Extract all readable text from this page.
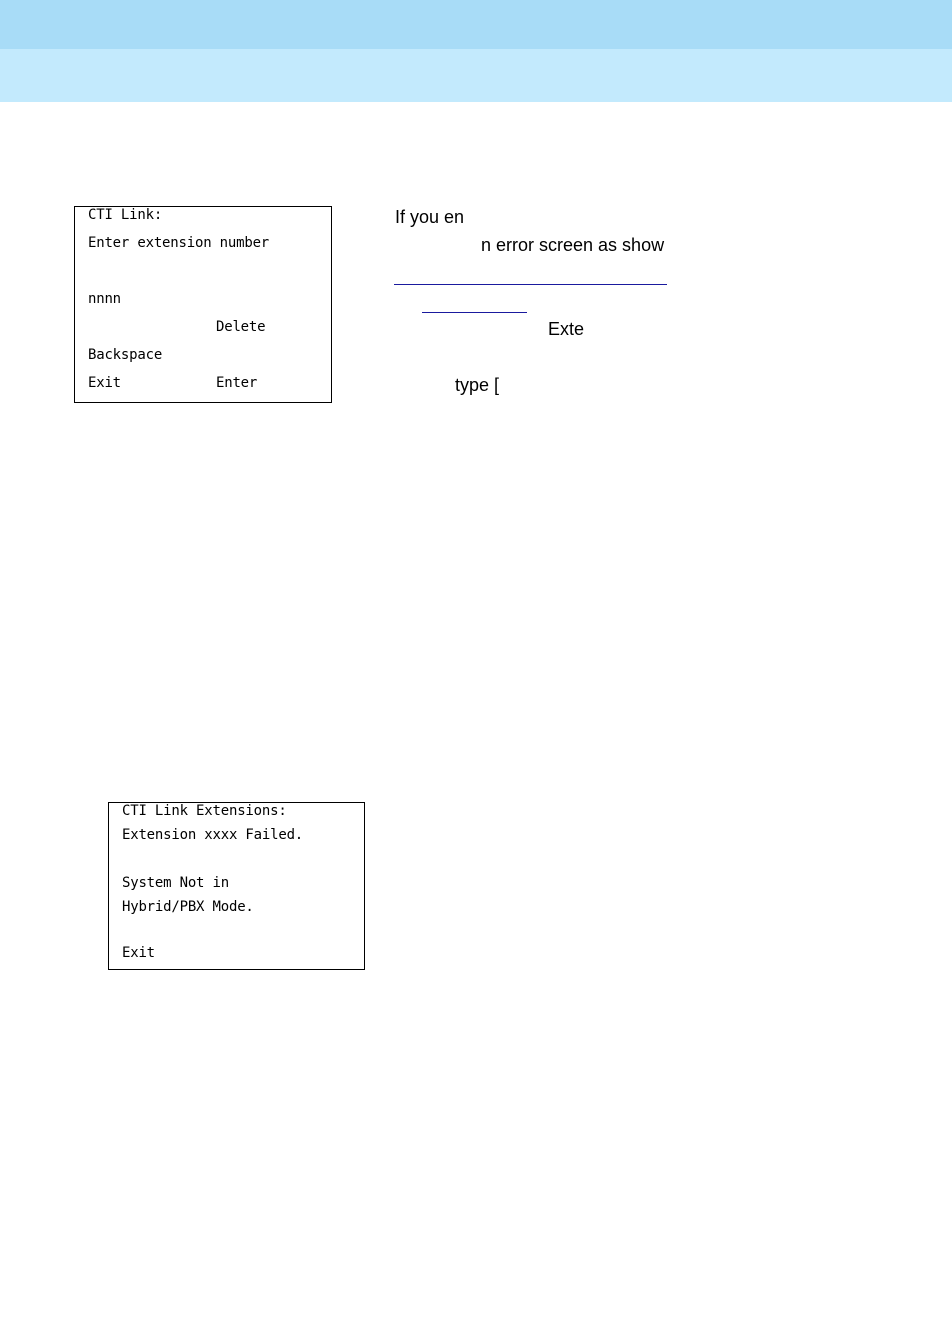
CTI Link:
Enter extension number
nnnn
Delete
Backspace
Exit	Enter
If you en
n error screen as show
Exte
type [
CTI Link Extensions:
Extension xxxx Failed.
System Not in
Hybrid/PBX Mode.
Exit
